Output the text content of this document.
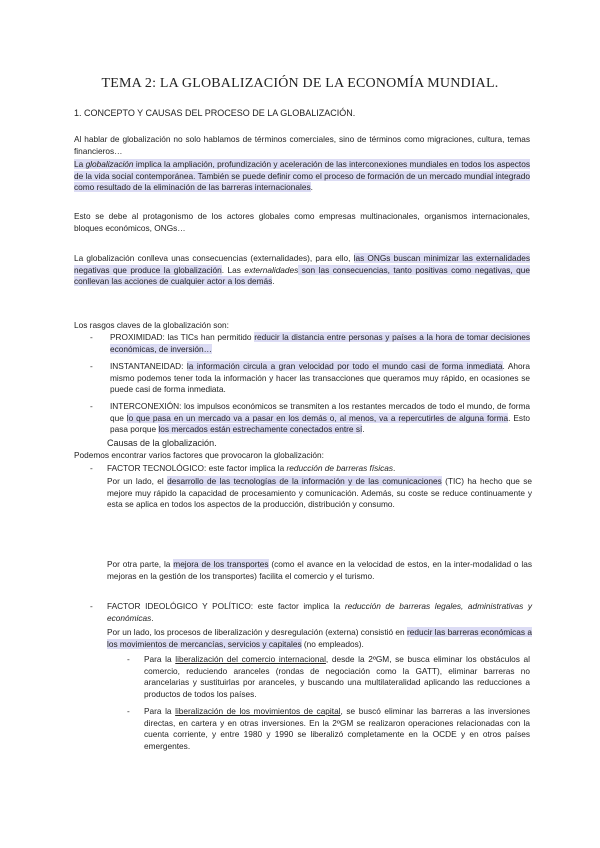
TEMA 2: LA GLOBALIZACIÓN DE LA ECONOMÍA MUNDIAL.
1. CONCEPTO Y CAUSAS DEL PROCESO DE LA GLOBALIZACIÓN.
Al hablar de globalización no solo hablamos de términos comerciales, sino de términos como migraciones, cultura, temas financieros…
La globalización implica la ampliación, profundización y aceleración de las interconexiones mundiales en todos los aspectos de la vida social contemporánea. También se puede definir como el proceso de formación de un mercado mundial integrado como resultado de la eliminación de las barreras internacionales.
Esto se debe al protagonismo de los actores globales como empresas multinacionales, organismos internacionales, bloques económicos, ONGs…
La globalización conlleva unas consecuencias (externalidades), para ello, las ONGs buscan minimizar las externalidades negativas que produce la globalización. Las externalidades son las consecuencias, tanto positivas como negativas, que conllevan las acciones de cualquier actor a los demás.
Los rasgos claves de la globalización son:
- PROXIMIDAD: las TICs han permitido reducir la distancia entre personas y países a la hora de tomar decisiones económicas, de inversión…
- INSTANTANEIDAD: la información circula a gran velocidad por todo el mundo casi de forma inmediata. Ahora mismo podemos tener toda la información y hacer las transacciones que queramos muy rápido, en ocasiones se puede casi de forma inmediata.
- INTERCONEXIÓN: los impulsos económicos se transmiten a los restantes mercados de todo el mundo, de forma que lo que pasa en un mercado va a pasar en los demás o, al menos, va a repercutirles de alguna forma. Esto pasa porque los mercados están estrechamente conectados entre sí.
Causas de la globalización.
Podemos encontrar varios factores que provocaron la globalización:
- FACTOR TECNOLÓGICO: este factor implica la reducción de barreras físicas.
Por un lado, el desarrollo de las tecnologías de la información y de las comunicaciones (TIC) ha hecho que se mejore muy rápido la capacidad de procesamiento y comunicación. Además, su coste se reduce continuamente y esta se aplica en todos los aspectos de la producción, distribución y consumo.
Por otra parte, la mejora de los transportes (como el avance en la velocidad de estos, en la inter-modalidad o las mejoras en la gestión de los transportes) facilita el comercio y el turismo.
- FACTOR IDEOLÓGICO Y POLÍTICO: este factor implica la reducción de barreras legales, administrativas y económicas.
Por un lado, los procesos de liberalización y desregulación (externa) consistió en reducir las barreras económicas a los movimientos de mercancías, servicios y capitales (no empleados).
- Para la liberalización del comercio internacional, desde la 2ºGM, se busca eliminar los obstáculos al comercio, reduciendo aranceles (rondas de negociación como la GATT), eliminar barreras no arancelarias y sustituirlas por aranceles, y buscando una multilateralidad aplicando las reducciones a productos de todos los países.
- Para la liberalización de los movimientos de capital, se buscó eliminar las barreras a las inversiones directas, en cartera y en otras inversiones. En la 2ºGM se realizaron operaciones relacionadas con la cuenta corriente, y entre 1980 y 1990 se liberalizó completamente en la OCDE y en otros países emergentes.
